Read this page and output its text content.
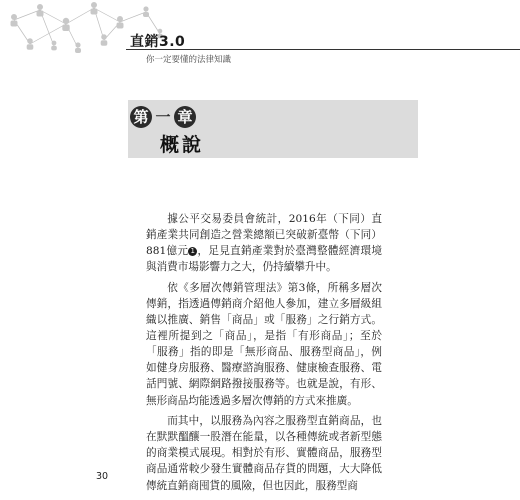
直銷3.0
你一定要懂的法律知識
第 一 章
概說

據公平交易委員會統計，2016年（下同）直銷產業共同創造之營業總額已突破新臺幣（下同）881億元 1 ，足見直銷產業對於臺灣整體經濟環境與消費市場影響力之大，仍持續攀升中。

依《多層次傳銷管理法》第3條，所稱多層次傳銷，指透過傳銷商介紹他人參加，建立多層級組織以推廣、銷售「商品」或「服務」之行銷方式。這裡所提到之「商品」，是指「有形商品」；至於「服務」指的即是「無形商品、服務型商品」，例如健身房服務、醫療諮詢服務、健康檢查服務、電話門號、網際網路撥接服務等。也就是說，有形、無形商品均能透過多層次傳銷的方式來推廣。

而其中，以服務為內容之服務型直銷商品，也在默默醞釀一股潛在能量，以各種傳統或者新型態的商業模式展現。相對於有形、實體商品，服務型商品通常較少發生實體商品存貨的問題，大大降低傳統直銷商囤貨的風險，但也因此，服務型商

30
